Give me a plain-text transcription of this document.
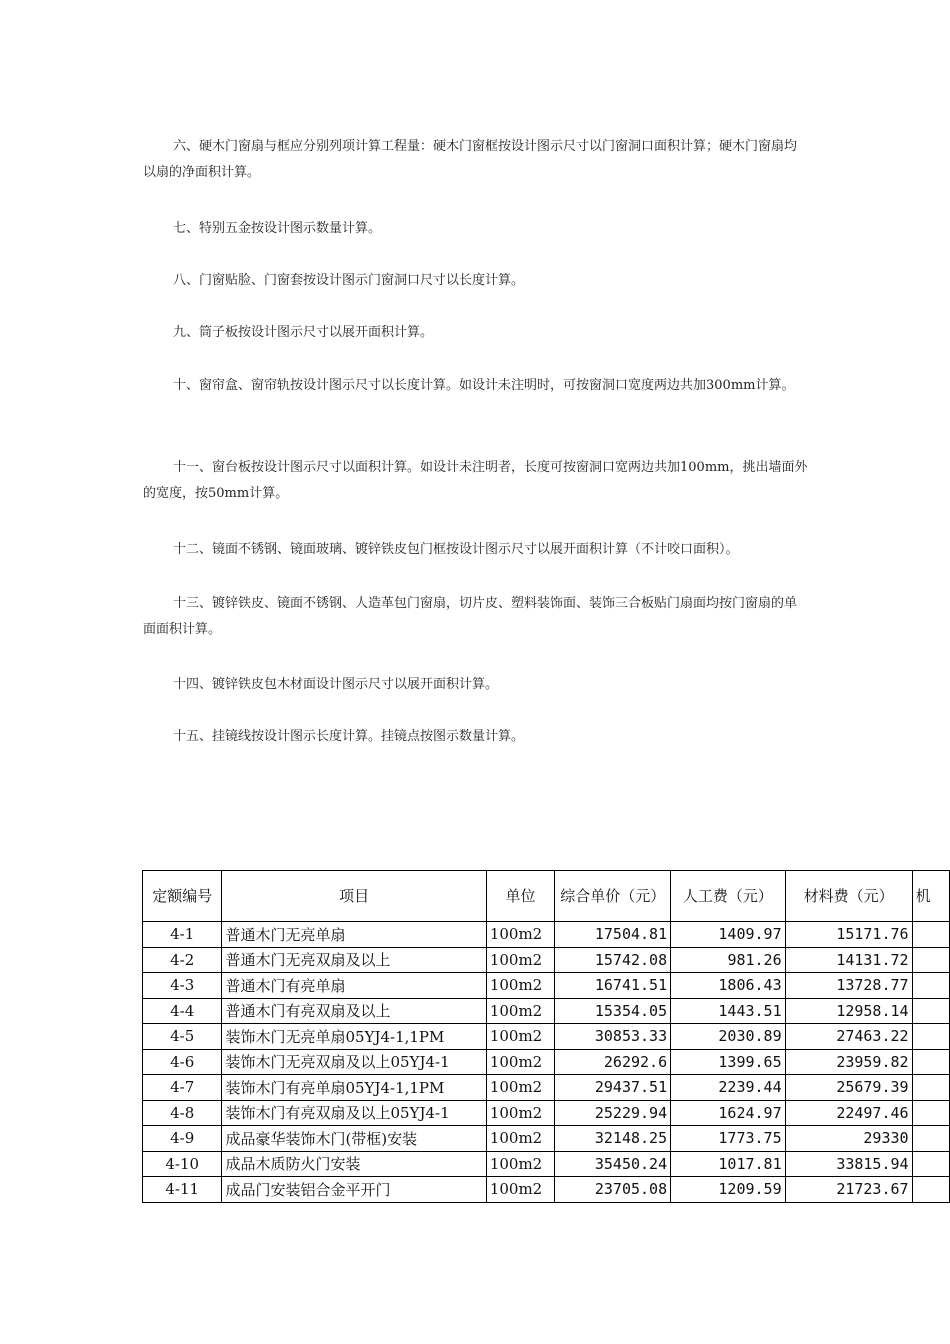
六、硬木门窗扇与框应分别列项计算工程量：硬木门窗框按设计图示尺寸以门窗洞口面积计算；硬木门窗扇均以扇的净面积计算。

七、特别五金按设计图示数量计算。

八、门窗贴脸、门窗套按设计图示门窗洞口尺寸以长度计算。

九、筒子板按设计图示尺寸以展开面积计算。

十、窗帘盒、窗帘轨按设计图示尺寸以长度计算。如设计未注明时，可按窗洞口宽度两边共加300mm计算。

十一、窗台板按设计图示尺寸以面积计算。如设计未注明者，长度可按窗洞口宽两边共加100mm，挑出墙面外的宽度，按50mm计算。

十二、镜面不锈钢、镜面玻璃、镀锌铁皮包门框按设计图示尺寸以展开面积计算（不计咬口面积）。

十三、镀锌铁皮、镜面不锈钢、人造革包门窗扇，切片皮、塑料装饰面、装饰三合板贴门扇面均按门窗扇的单面面积计算。

十四、镀锌铁皮包木材面设计图示尺寸以展开面积计算。

十五、挂镜线按设计图示长度计算。挂镜点按图示数量计算。

定额编号	项目	单位	综合单价（元）	人工费（元）	材料费（元）	机
4-1	普通木门无亮单扇	100m2	17504.81	1409.97	15171.76	
4-2	普通木门无亮双扇及以上	100m2	15742.08	981.26	14131.72	
4-3	普通木门有亮单扇	100m2	16741.51	1806.43	13728.77	
4-4	普通木门有亮双扇及以上	100m2	15354.05	1443.51	12958.14	
4-5	装饰木门无亮单扇05YJ4-1,1PM	100m2	30853.33	2030.89	27463.22	
4-6	装饰木门无亮双扇及以上05YJ4-1	100m2	26292.6	1399.65	23959.82	
4-7	装饰木门有亮单扇05YJ4-1,1PM	100m2	29437.51	2239.44	25679.39	
4-8	装饰木门有亮双扇及以上05YJ4-1	100m2	25229.94	1624.97	22497.46	
4-9	成品豪华装饰木门(带框)安装	100m2	32148.25	1773.75	29330	
4-10	成品木质防火门安装	100m2	35450.24	1017.81	33815.94	
4-11	成品门安装铝合金平开门	100m2	23705.08	1209.59	21723.67	
